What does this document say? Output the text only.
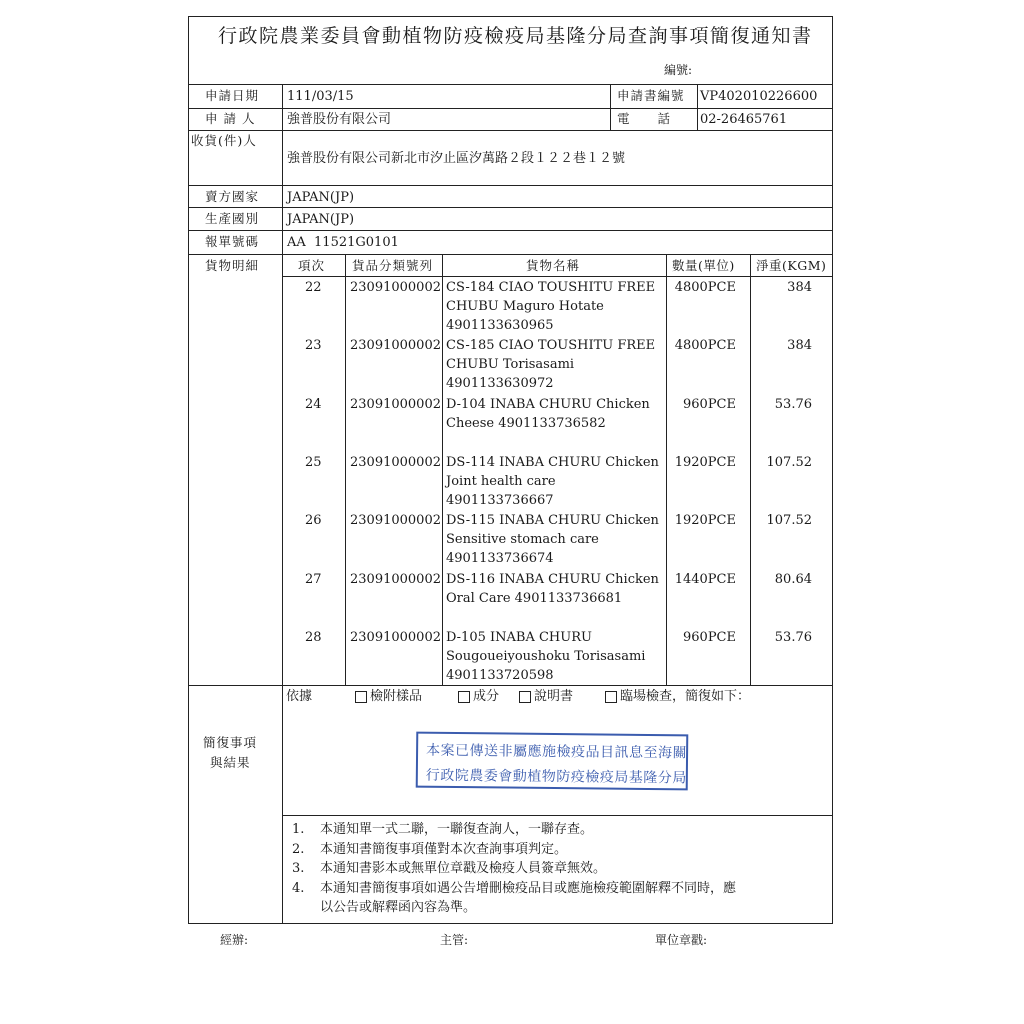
行政院農業委員會動植物防疫檢疫局基隆分局查詢事項簡復通知書
編號:
申請日期 111/03/15	申請書編號 VP402010226600
申 請 人 強普股份有限公司	電　　話 02-26465761
收貨(件)人
強普股份有限公司新北市汐止區汐萬路２段１２２巷１２號
賣方國家 JAPAN(JP)
生產國別 JAPAN(JP)
報單號碼 AA  11521G0101
貨物明細	項次 貨品分類號列	貨物名稱	數量(單位) 淨重(KGM)
22 23091000002 CS-184 CIAO TOUSHITU FREE
CHUBU Maguro Hotate
4901133630965
4800PCE	384
23 23091000002 CS-185 CIAO TOUSHITU FREE
CHUBU Torisasami
4901133630972
4800PCE	384
24 23091000002 D-104 INABA CHURU Chicken
Cheese 4901133736582
960PCE	53.76
25 23091000002 DS-114 INABA CHURU Chicken
Joint health care
4901133736667
1920PCE 107.52
26 23091000002 DS-115 INABA CHURU Chicken
Sensitive stomach care
4901133736674
1920PCE 107.52
27 23091000002 DS-116 INABA CHURU Chicken
Oral Care 4901133736681
1440PCE	80.64
28 23091000002 D-105 INABA CHURU
Sougoueiyoushoku Torisasami
4901133720598
960PCE	53.76
簡復事項
與結果
依據	檢附樣品	成分	說明書	臨場檢查，簡復如下：
本案已傳送非屬應施檢疫品目訊息至海關
行政院農委會動植物防疫檢疫局基隆分局
1. 本通知單一式二聯，一聯復查詢人，一聯存查。
2. 本通知書簡復事項僅對本次查詢事項判定。
3. 本通知書影本或無單位章戳及檢疫人員簽章無效。
4. 本通知書簡復事項如遇公告增刪檢疫品目或應施檢疫範圍解釋不同時，應
以公告或解釋函內容為準。
經辦:	主管:	單位章戳:
